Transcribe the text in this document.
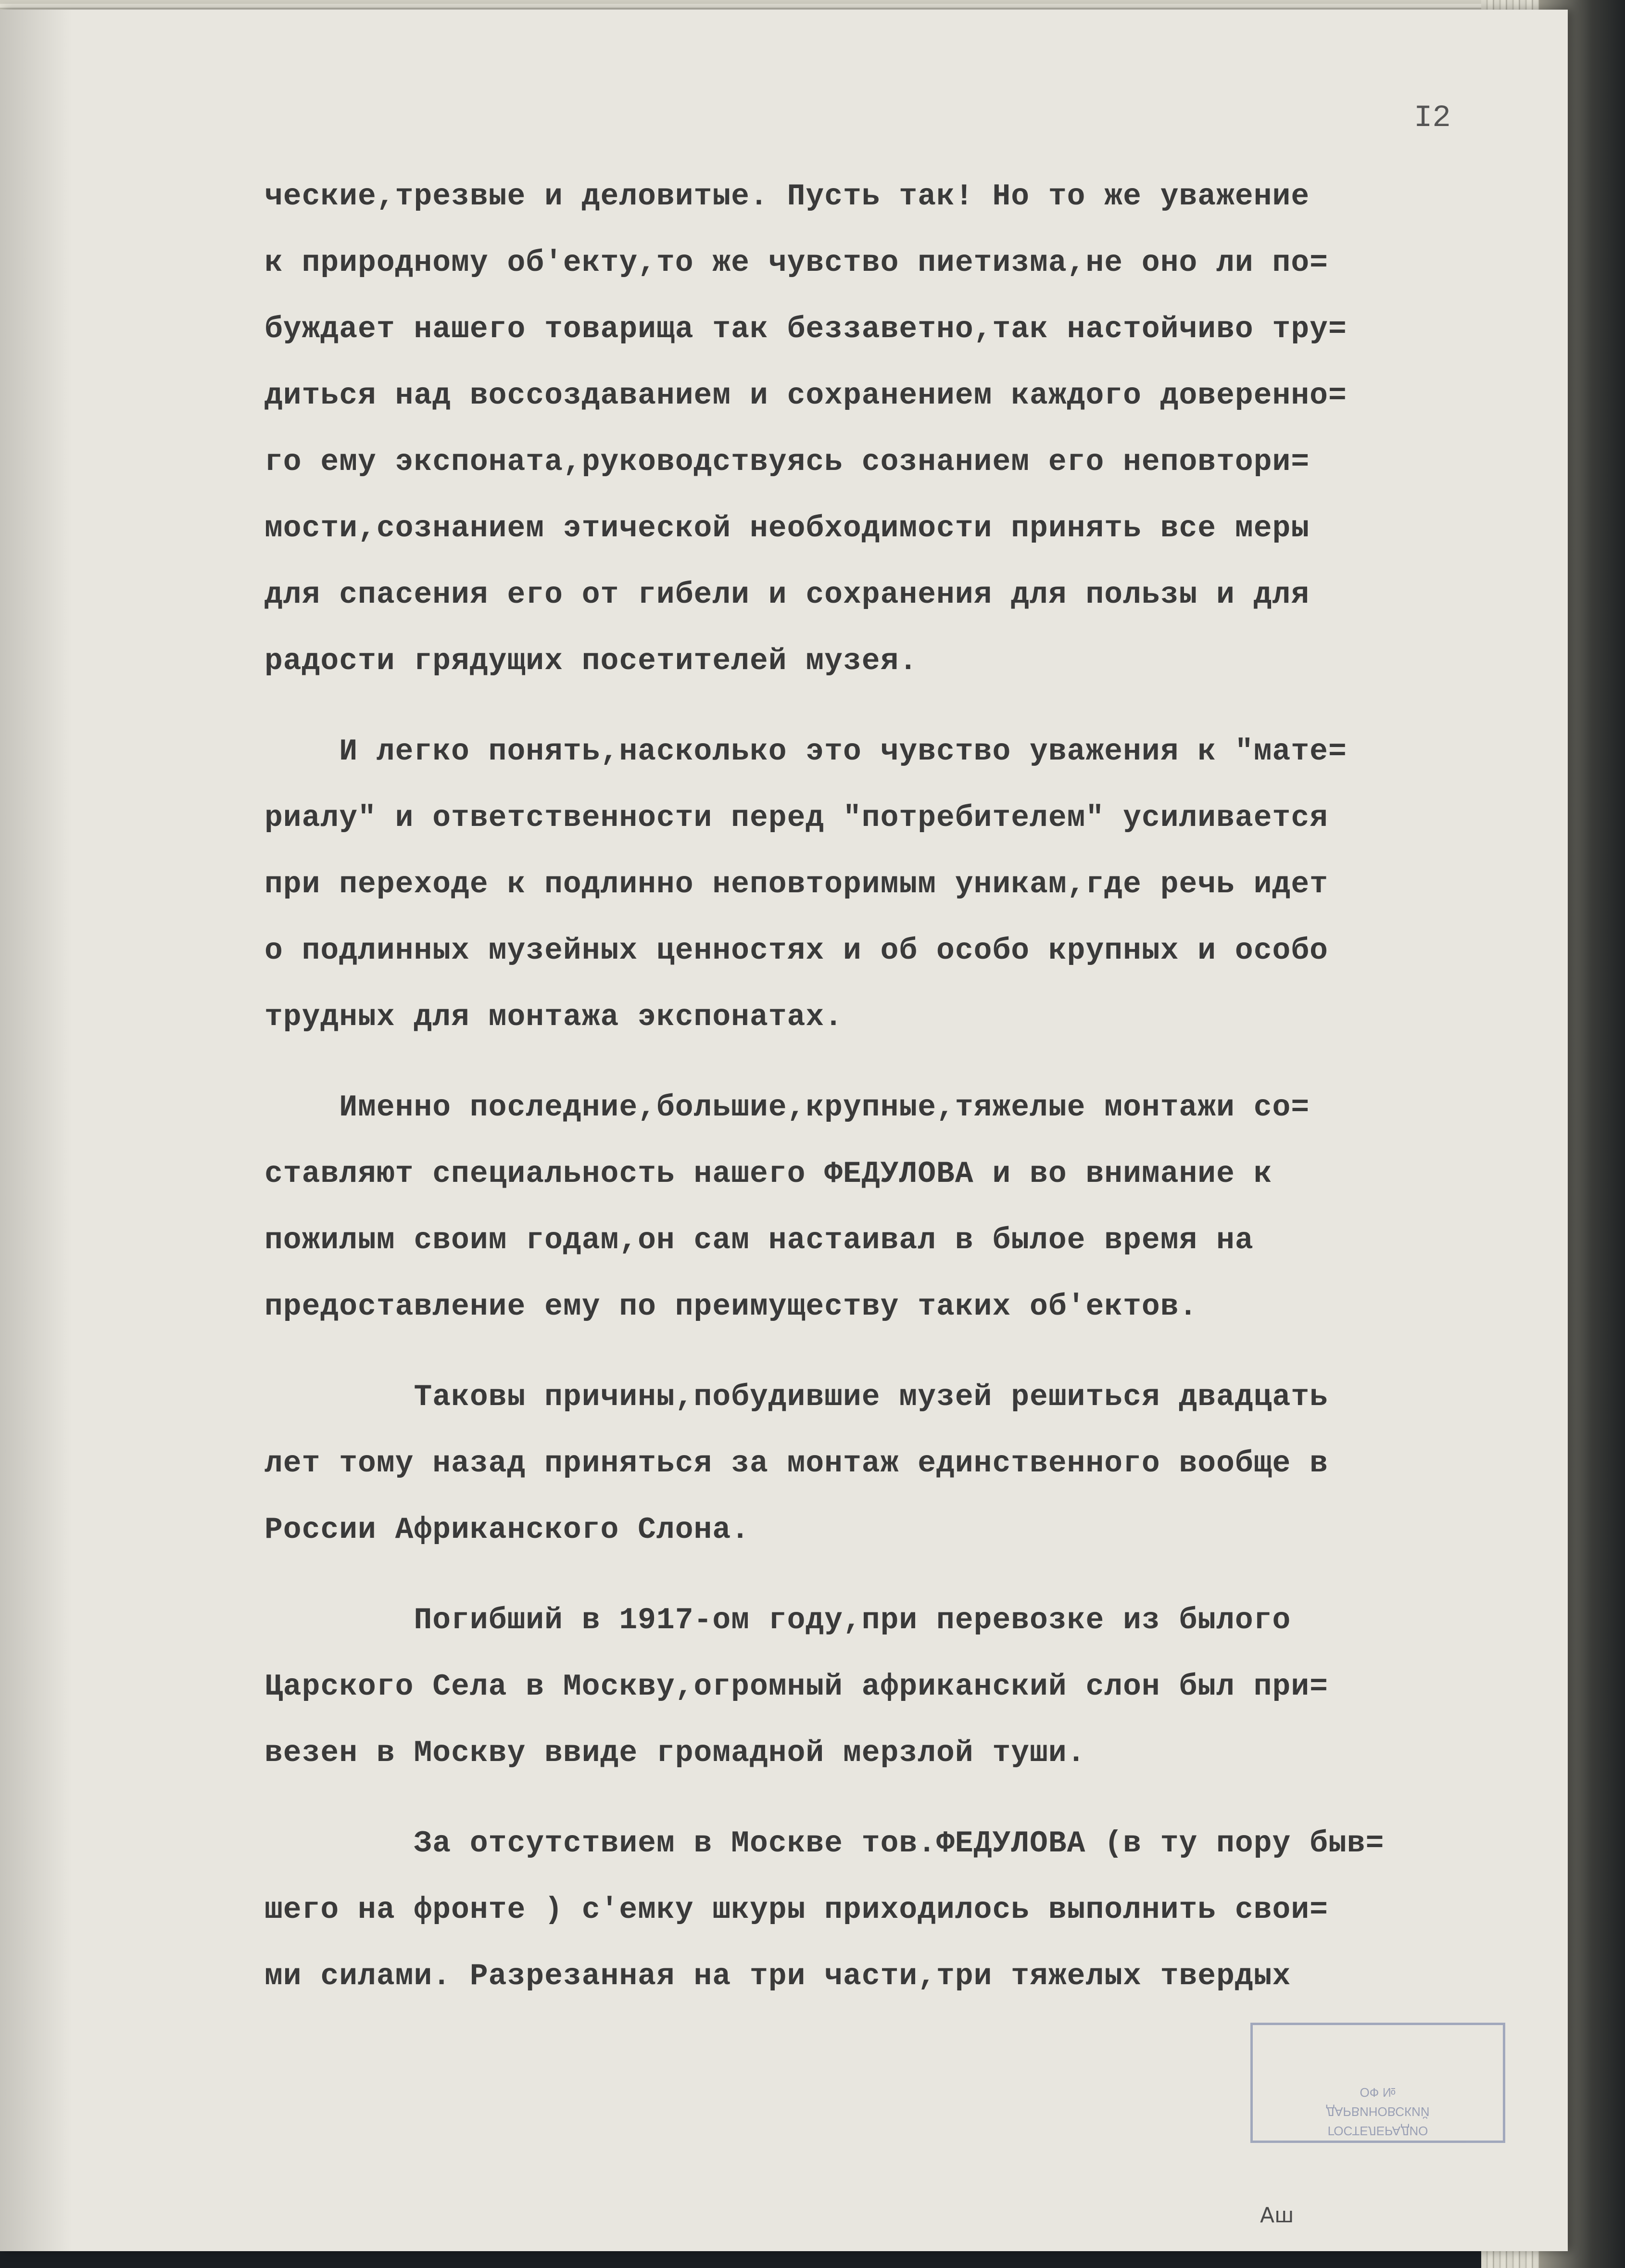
I2
ческие,трезвые и деловитые. Пусть так! Но то же уважение
к природному об'екту,то же чувство пиетизма,не оно ли по=
буждает нашего товарища так беззаветно,так настойчиво тру=
диться над воссоздаванием и сохранением каждого доверенно=
го ему экспоната,руководствуясь сознанием его неповтори=
мости,сознанием этической необходимости принять все меры
для спасения его от гибели и сохранения для пользы и для
радости грядущих посетителей музея.
И легко понять,насколько это чувство уважения к "мате=
риалу" и ответственности перед "потребителем" усиливается
при переходе к подлинно неповторимым уникам,где речь идет
о подлинных музейных ценностях и об особо крупных и особо
трудных для монтажа экспонатах.
Именно последние,большие,крупные,тяжелые монтажи со=
ставляют специальность нашего ФЕДУЛОВА и во внимание к
пожилым своим годам,он сам настаивал в былое время на
предоставление ему по преимуществу таких об'ектов.
Таковы причины,побудившие музей решиться двадцать
лет тому назад приняться за монтаж единственного вообще в
России Африканского Слона.
Погибший в 1917-ом году,при перевозке из былого
Царского Села в Москву,огромный африканский слон был при=
везен в Москву ввиде громадной мерзлой туши.
За отсутствием в Москве тов.ФЕДУЛОВА (в ту пору быв=
шего на фронте ) с'емку шкуры приходилось выполнить свои=
ми силами. Разрезанная на три части,три тяжелых твердых
ГОСТЕЛЕРАДИО
ДАРВИНОВСКИЙ
ОФ №
Аш
